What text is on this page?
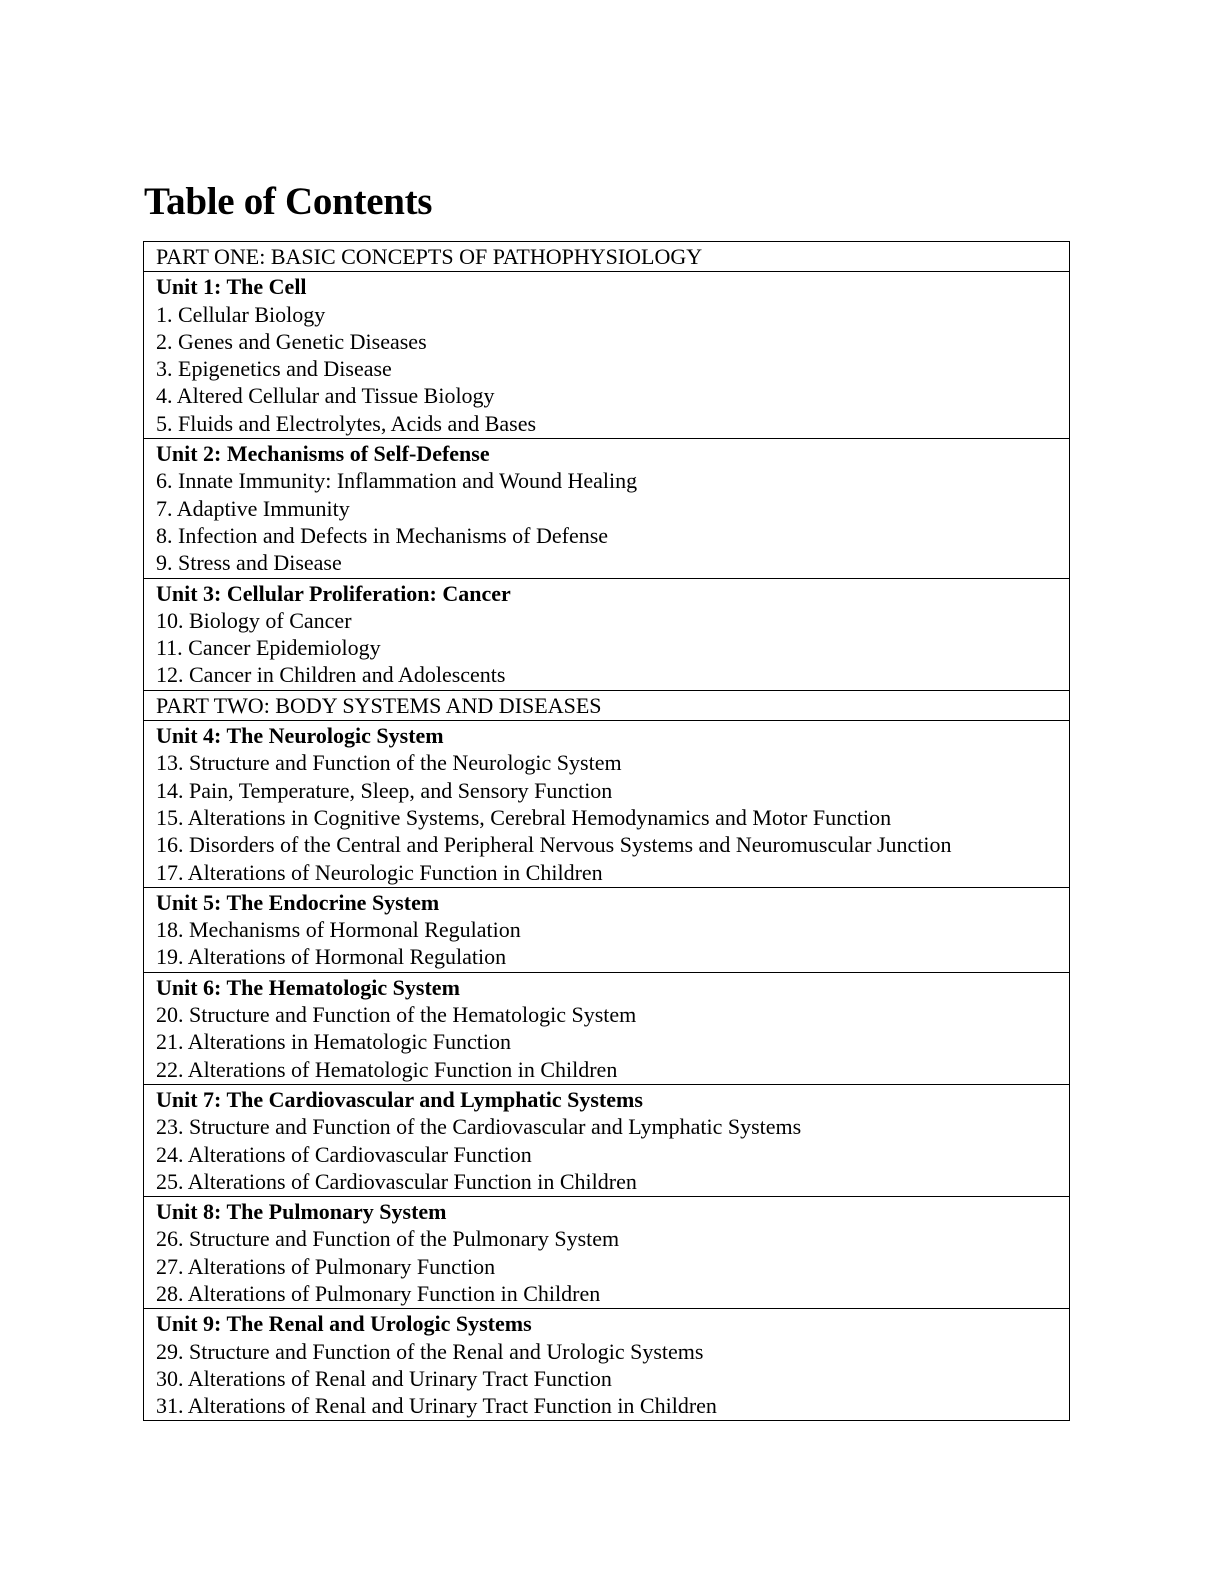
Table of Contents
PART ONE: BASIC CONCEPTS OF PATHOPHYSIOLOGY
Unit 1: The Cell
1. Cellular Biology
2. Genes and Genetic Diseases
3. Epigenetics and Disease
4. Altered Cellular and Tissue Biology
5. Fluids and Electrolytes, Acids and Bases
Unit 2: Mechanisms of Self-Defense
6. Innate Immunity: Inflammation and Wound Healing
7. Adaptive Immunity
8. Infection and Defects in Mechanisms of Defense
9. Stress and Disease
Unit 3: Cellular Proliferation: Cancer
10. Biology of Cancer
11. Cancer Epidemiology
12. Cancer in Children and Adolescents
PART TWO: BODY SYSTEMS AND DISEASES
Unit 4: The Neurologic System
13. Structure and Function of the Neurologic System
14. Pain, Temperature, Sleep, and Sensory Function
15. Alterations in Cognitive Systems, Cerebral Hemodynamics and Motor Function
16. Disorders of the Central and Peripheral Nervous Systems and Neuromuscular Junction
17. Alterations of Neurologic Function in Children
Unit 5: The Endocrine System
18. Mechanisms of Hormonal Regulation
19. Alterations of Hormonal Regulation
Unit 6: The Hematologic System
20. Structure and Function of the Hematologic System
21. Alterations in Hematologic Function
22. Alterations of Hematologic Function in Children
Unit 7: The Cardiovascular and Lymphatic Systems
23. Structure and Function of the Cardiovascular and Lymphatic Systems
24. Alterations of Cardiovascular Function
25. Alterations of Cardiovascular Function in Children
Unit 8: The Pulmonary System
26. Structure and Function of the Pulmonary System
27. Alterations of Pulmonary Function
28. Alterations of Pulmonary Function in Children
Unit 9: The Renal and Urologic Systems
29. Structure and Function of the Renal and Urologic Systems
30. Alterations of Renal and Urinary Tract Function
31. Alterations of Renal and Urinary Tract Function in Children
